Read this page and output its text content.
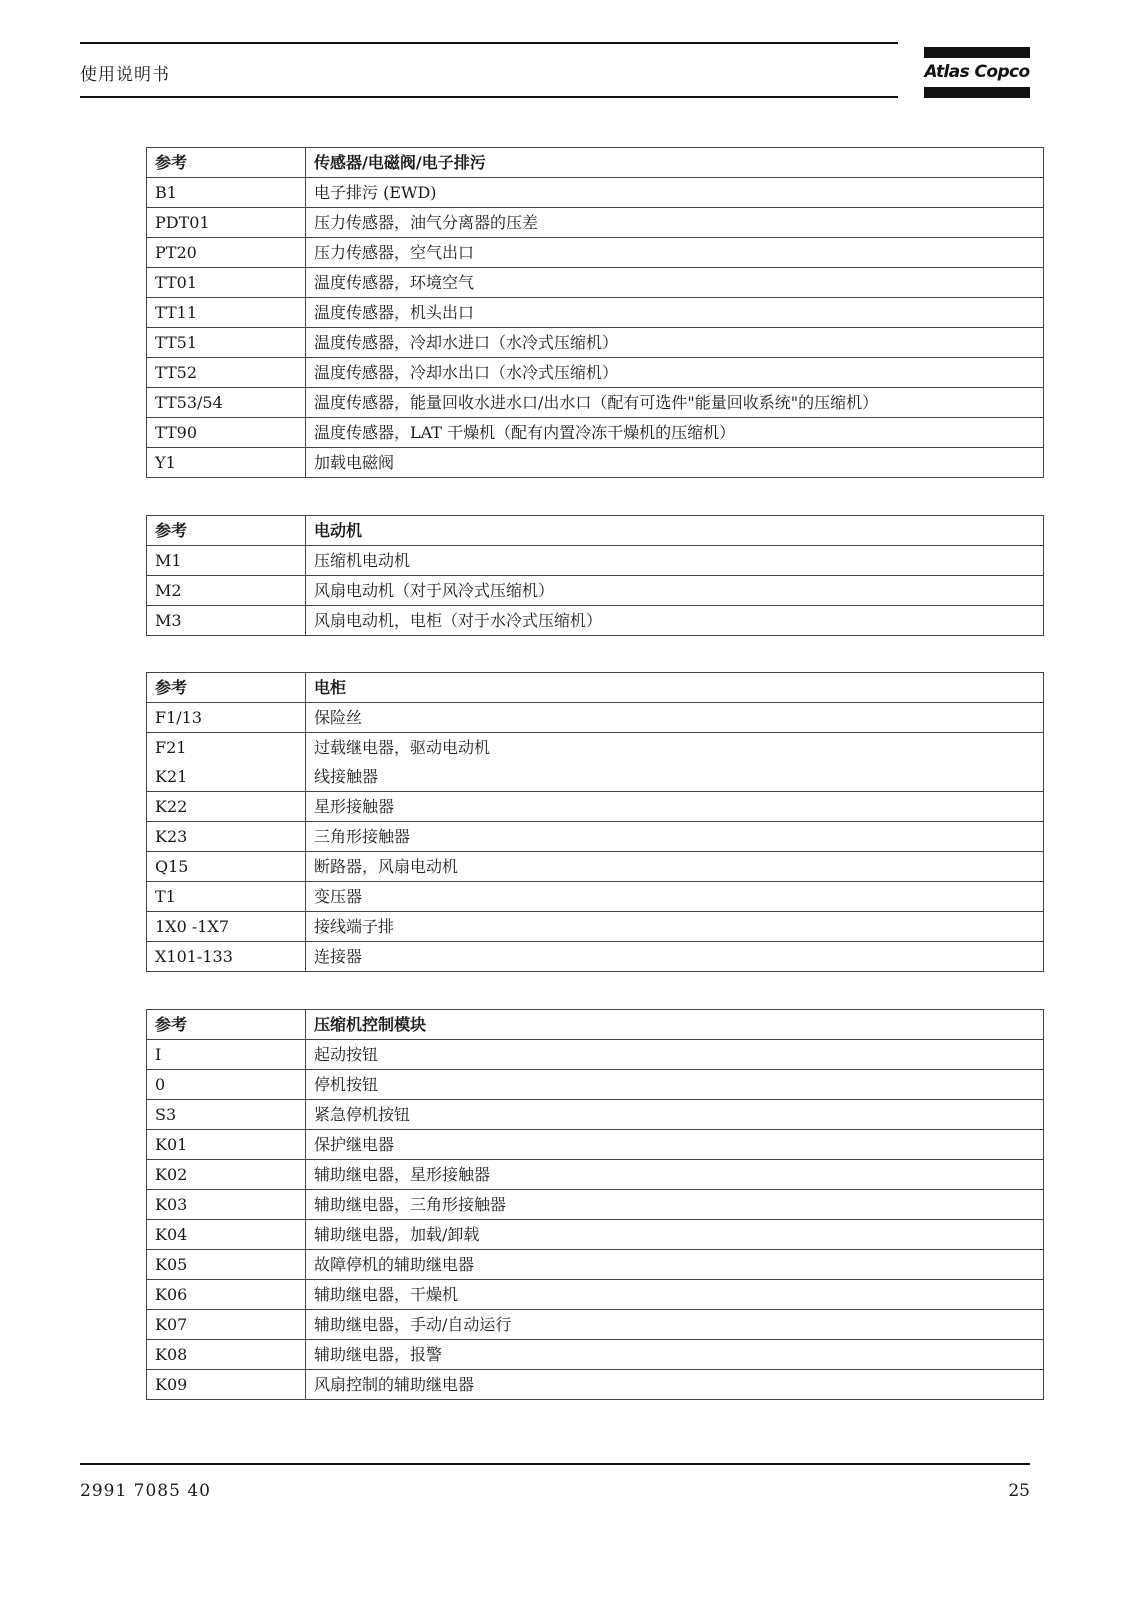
使用说明书	Atlas Copco
参考	传感器/电磁阀/电子排污
B1	电子排污 (EWD)
PDT01	压力传感器，油气分离器的压差
PT20	压力传感器，空气出口
TT01	温度传感器，环境空气
TT11	温度传感器，机头出口
TT51	温度传感器，冷却水进口（水冷式压缩机）
TT52	温度传感器，冷却水出口（水冷式压缩机）
TT53/54	温度传感器，能量回收水进水口/出水口（配有可选件"能量回收系统"的压缩机）
TT90	温度传感器，LAT 干燥机（配有内置冷冻干燥机的压缩机）
Y1	加载电磁阀
参考	电动机
M1	压缩机电动机
M2	风扇电动机（对于风冷式压缩机）
M3	风扇电动机，电柜（对于水冷式压缩机）
参考	电柜
F1/13	保险丝
F21	过载继电器，驱动电动机
K21	线接触器
K22	星形接触器
K23	三角形接触器
Q15	断路器，风扇电动机
T1	变压器
1X0 -1X7	接线端子排
X101-133	连接器
参考	压缩机控制模块
I	起动按钮
0	停机按钮
S3	紧急停机按钮
K01	保护继电器
K02	辅助继电器，星形接触器
K03	辅助继电器，三角形接触器
K04	辅助继电器，加载/卸载
K05	故障停机的辅助继电器
K06	辅助继电器，干燥机
K07	辅助继电器，手动/自动运行
K08	辅助继电器，报警
K09	风扇控制的辅助继电器
2991 7085 40	25
